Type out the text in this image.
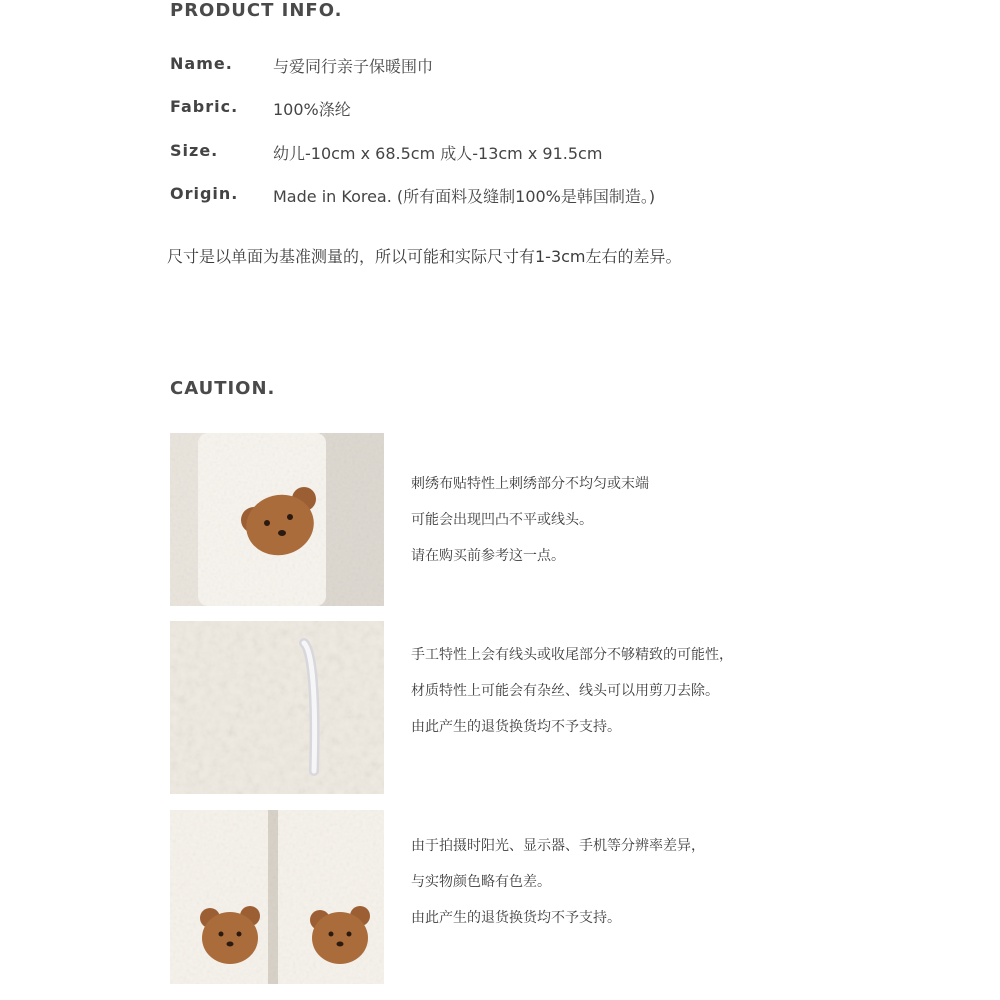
PRODUCT INFO.
Name.	与爱同行亲子保暖围巾
Fabric. 100%涤纶
Size.	幼儿-10cm x 68.5cm 成人-13cm x 91.5cm
Origin. Made in Korea. (所有面料及缝制100%是韩国制造。)

尺寸是以单面为基准测量的，所以可能和实际尺寸有1-3cm左右的差异。

CAUTION.
刺绣布贴特性上刺绣部分不均匀或末端
可能会出现凹凸不平或线头。
请在购买前参考这一点。
手工特性上会有线头或收尾部分不够精致的可能性，
材质特性上可能会有杂丝、线头可以用剪刀去除。
由此产生的退货换货均不予支持。
由于拍摄时阳光、显示器、手机等分辨率差异，
与实物颜色略有色差。
由此产生的退货换货均不予支持。
